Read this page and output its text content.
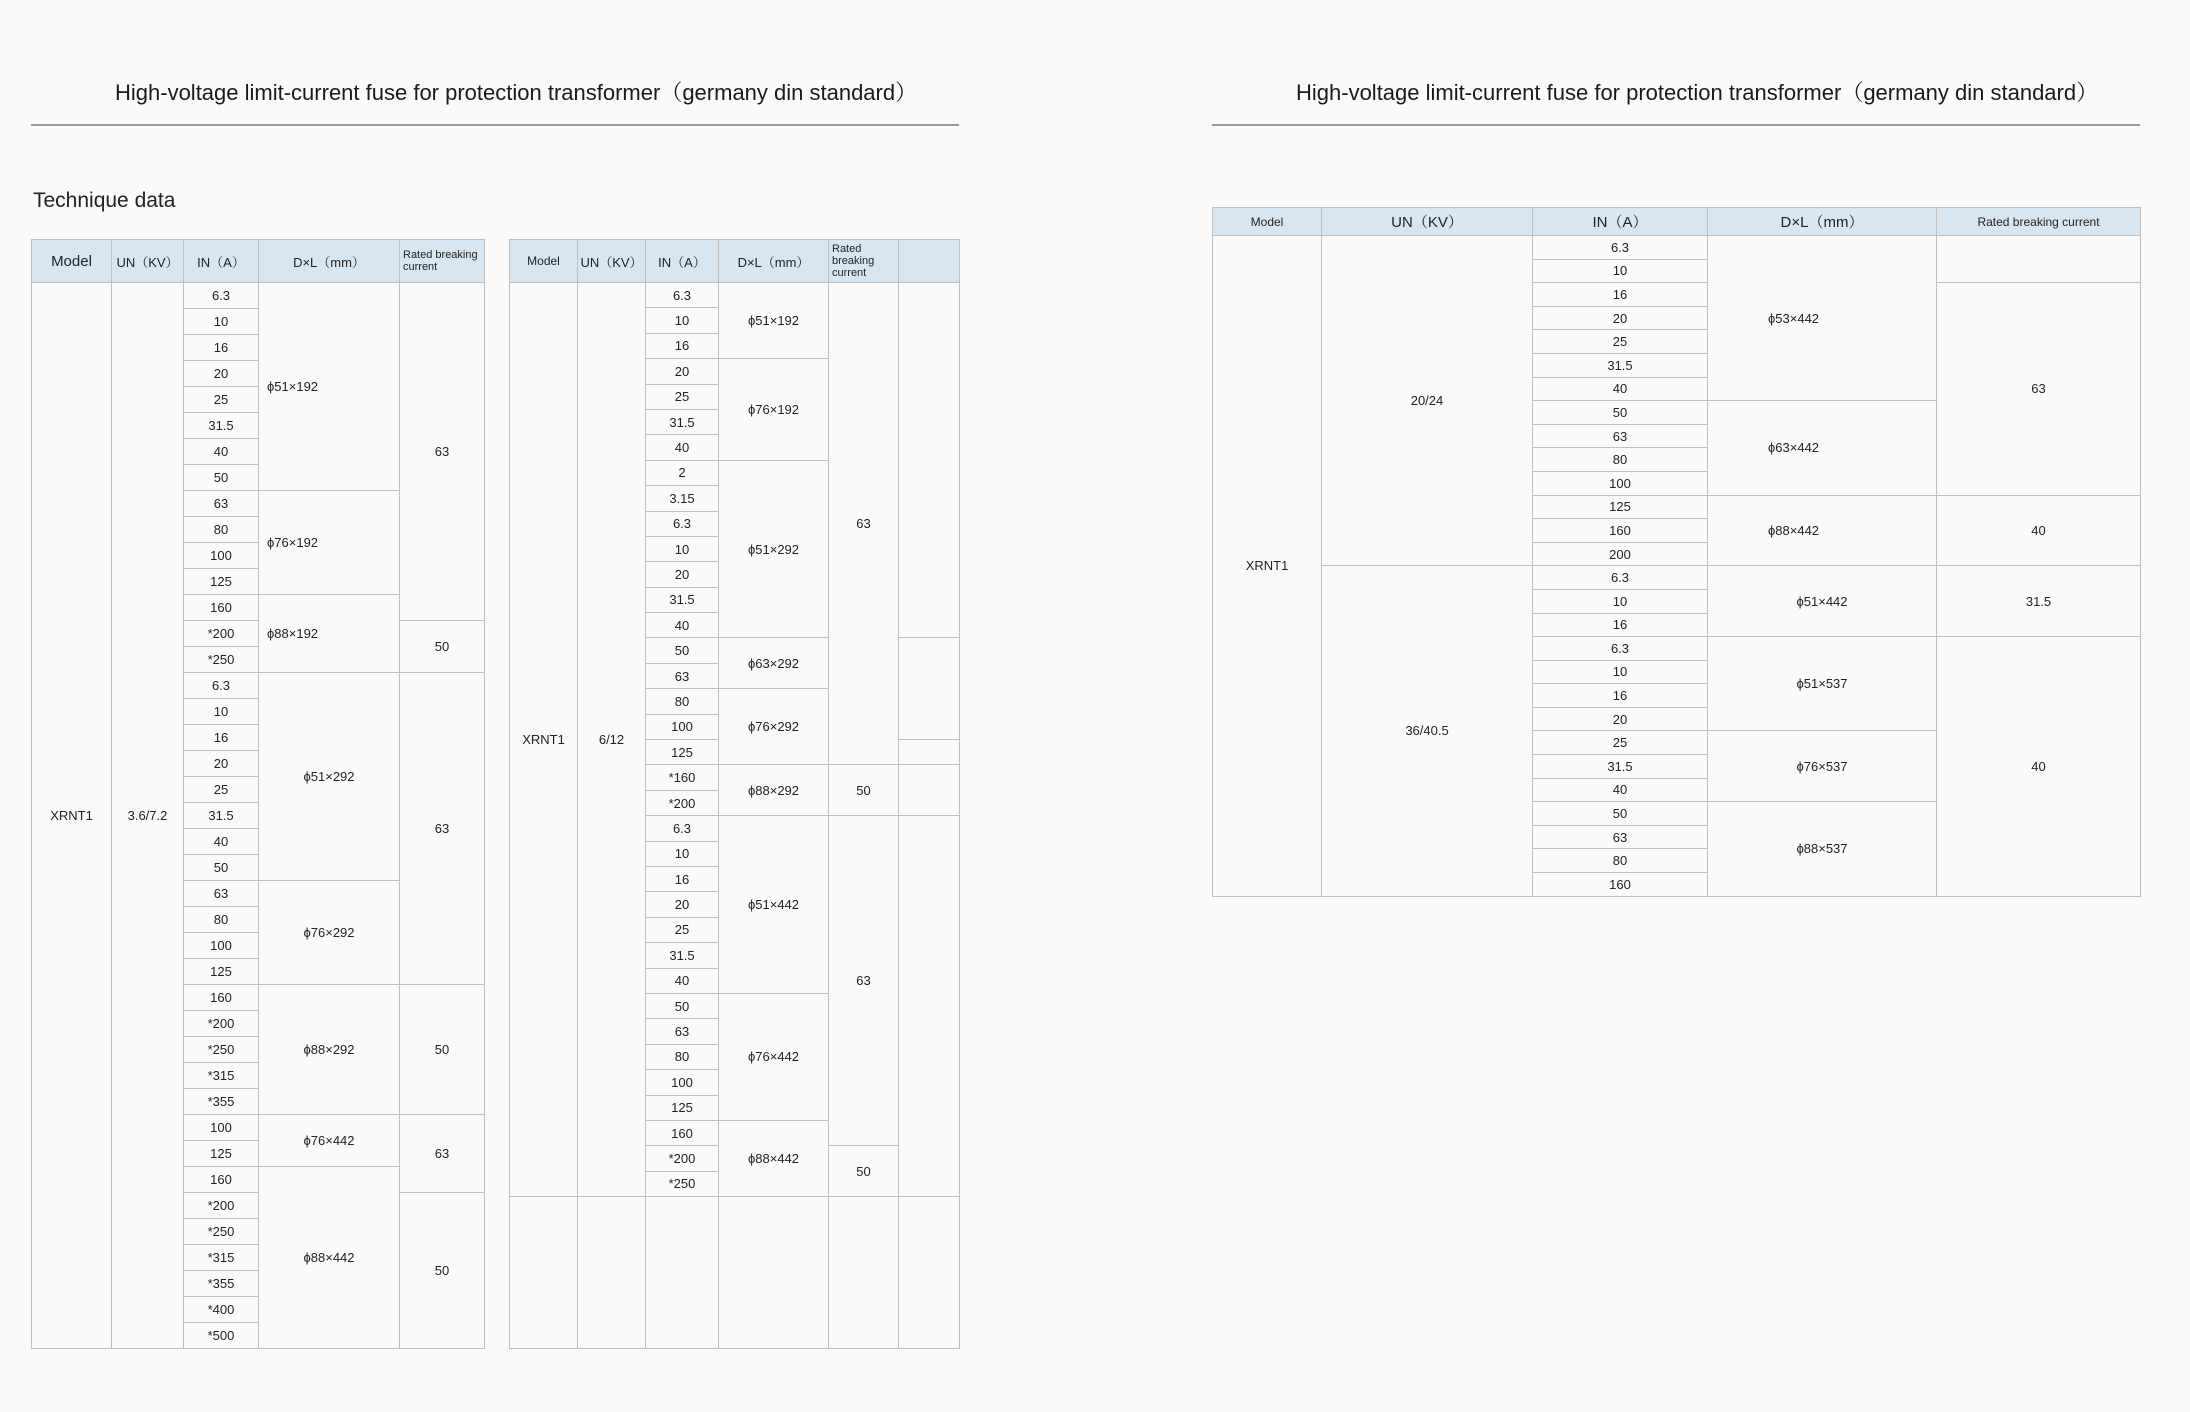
High-voltage limit-current fuse for protection transformer（germany din standard）	High-voltage limit-current fuse for protection transformer（germany din standard）
Technique data
Model	UN（KV）	IN（A）	D×L（mm）	Rated breaking current
XRNT1	3.6/7.2	6.3	ϕ51×192	63
		10		
		16		
		20		
		25		
		31.5		
		40		
		50		
		63	ϕ76×192	
		80		
		100		
		125		
		160	ϕ88×192	
		*200		50
		*250		
		6.3	ϕ51×292	63
		10		
		16		
		20		
		25		
		31.5		
		40		
		50		
		63	ϕ76×292	
		80		
		100		
		125		
		160	ϕ88×292	50
		*200		
		*250		
		*315		
		*355		
		100	ϕ76×442	63
		125		
		160	ϕ88×442	
		*200		50
		*250		
		*315		
		*355		
		*400		
		*500		
Model	UN（KV）	IN（A）	D×L（mm）	Rated breaking current	
XRNT1	6/12	6.3	ϕ51×192	63	
		10			
		16			
		20	ϕ76×192		
		25			
		31.5			
		40			
		2	ϕ51×292		
		3.15			
		6.3			
		10			
		20			
		31.5			
		40			
		50	ϕ63×292		
		63			
		80	ϕ76×292		
		100			
		125			
		*160	ϕ88×292	50	
		*200			
		6.3	ϕ51×442	63	
		10			
		16			
		20			
		25			
		31.5			
		40			
		50	ϕ76×442		
		63			
		80			
		100			
		125			
		160	ϕ88×442		
		*200		50	
		*250			

Model	UN（KV）	IN（A）	D×L（mm）	Rated breaking current
XRNT1	20/24	6.3	ϕ53×442	
		10		
		16		63
		20		
		25		
		31.5		
		40		
		50	ϕ63×442	
		63		
		80		
		100		
		125	ϕ88×442	40
		160		
		200		
	36/40.5	6.3	ϕ51×442	31.5
		10		
		16		
		6.3	ϕ51×537	40
		10		
		16		
		20		
		25	ϕ76×537	
		31.5		
		40		
		50	ϕ88×537	
		63		
		80		
		160		
